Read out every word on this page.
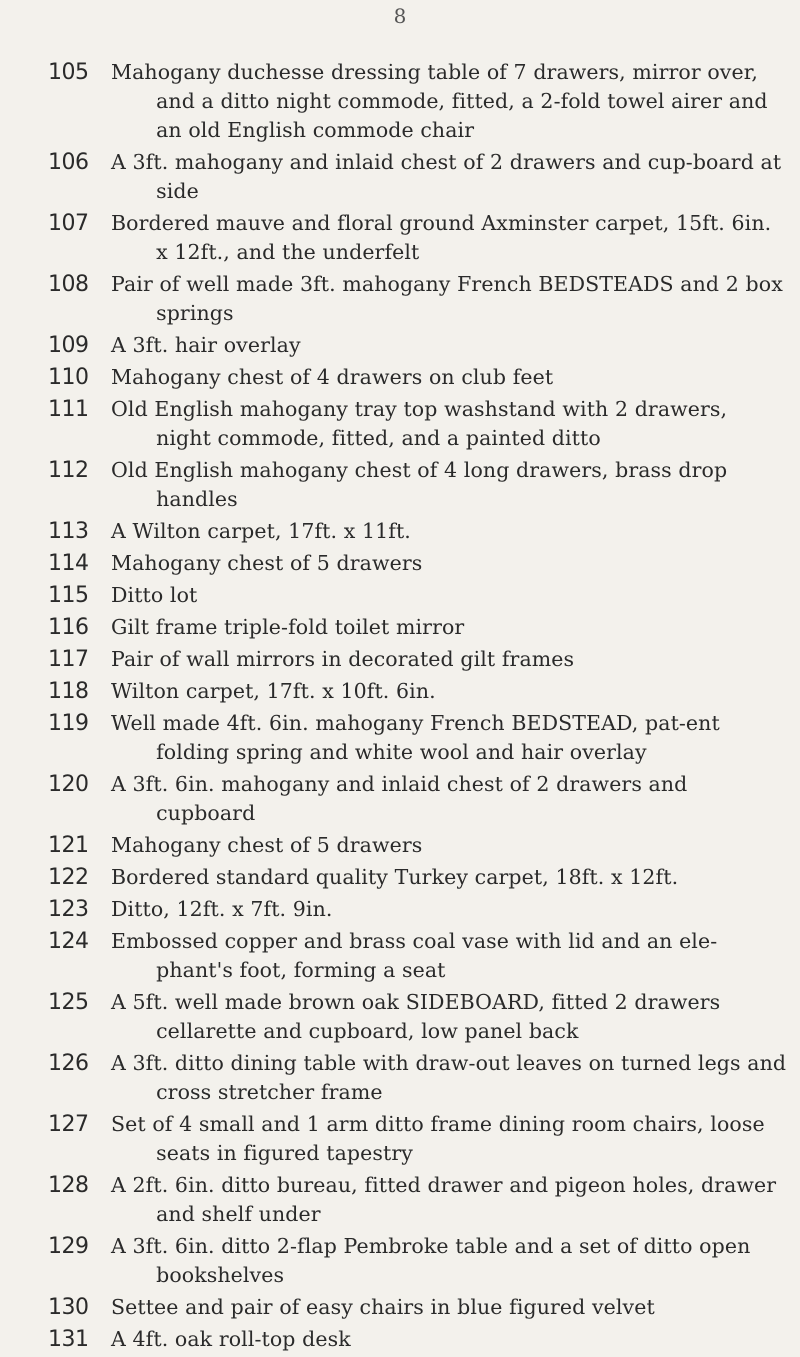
8
105	Mahogany duchesse dressing table of 7 drawers, mirror over, and a ditto night commode, fitted, a 2-fold towel airer and an old English commode chair
106	A 3ft. mahogany and inlaid chest of 2 drawers and cup-board at side
107	Bordered mauve and floral ground Axminster carpet, 15ft. 6in. x 12ft., and the underfelt
108	Pair of well made 3ft. mahogany French BEDSTEADS and 2 box springs
109	A 3ft. hair overlay
110	Mahogany chest of 4 drawers on club feet
111	Old English mahogany tray top washstand with 2 drawers, night commode, fitted, and a painted ditto
112	Old English mahogany chest of 4 long drawers, brass drop handles
113	A Wilton carpet, 17ft. x 11ft.
114	Mahogany chest of 5 drawers
115	Ditto lot
116	Gilt frame triple-fold toilet mirror
117	Pair of wall mirrors in decorated gilt frames
118	Wilton carpet, 17ft. x 10ft. 6in.
119	Well made 4ft. 6in. mahogany French BEDSTEAD, pat-ent folding spring and white wool and hair overlay
120	A 3ft. 6in. mahogany and inlaid chest of 2 drawers and cupboard
121	Mahogany chest of 5 drawers
122	Bordered standard quality Turkey carpet, 18ft. x 12ft.
123	Ditto, 12ft. x 7ft. 9in.
124	Embossed copper and brass coal vase with lid and an ele-phant's foot, forming a seat
125	A 5ft. well made brown oak SIDEBOARD, fitted 2 drawers cellarette and cupboard, low panel back
126	A 3ft. ditto dining table with draw-out leaves on turned legs and cross stretcher frame
127	Set of 4 small and 1 arm ditto frame dining room chairs, loose seats in figured tapestry
128	A 2ft. 6in. ditto bureau, fitted drawer and pigeon holes, drawer and shelf under
129	A 3ft. 6in. ditto 2-flap Pembroke table and a set of ditto open bookshelves
130	Settee and pair of easy chairs in blue figured velvet
131	A 4ft. oak roll-top desk
